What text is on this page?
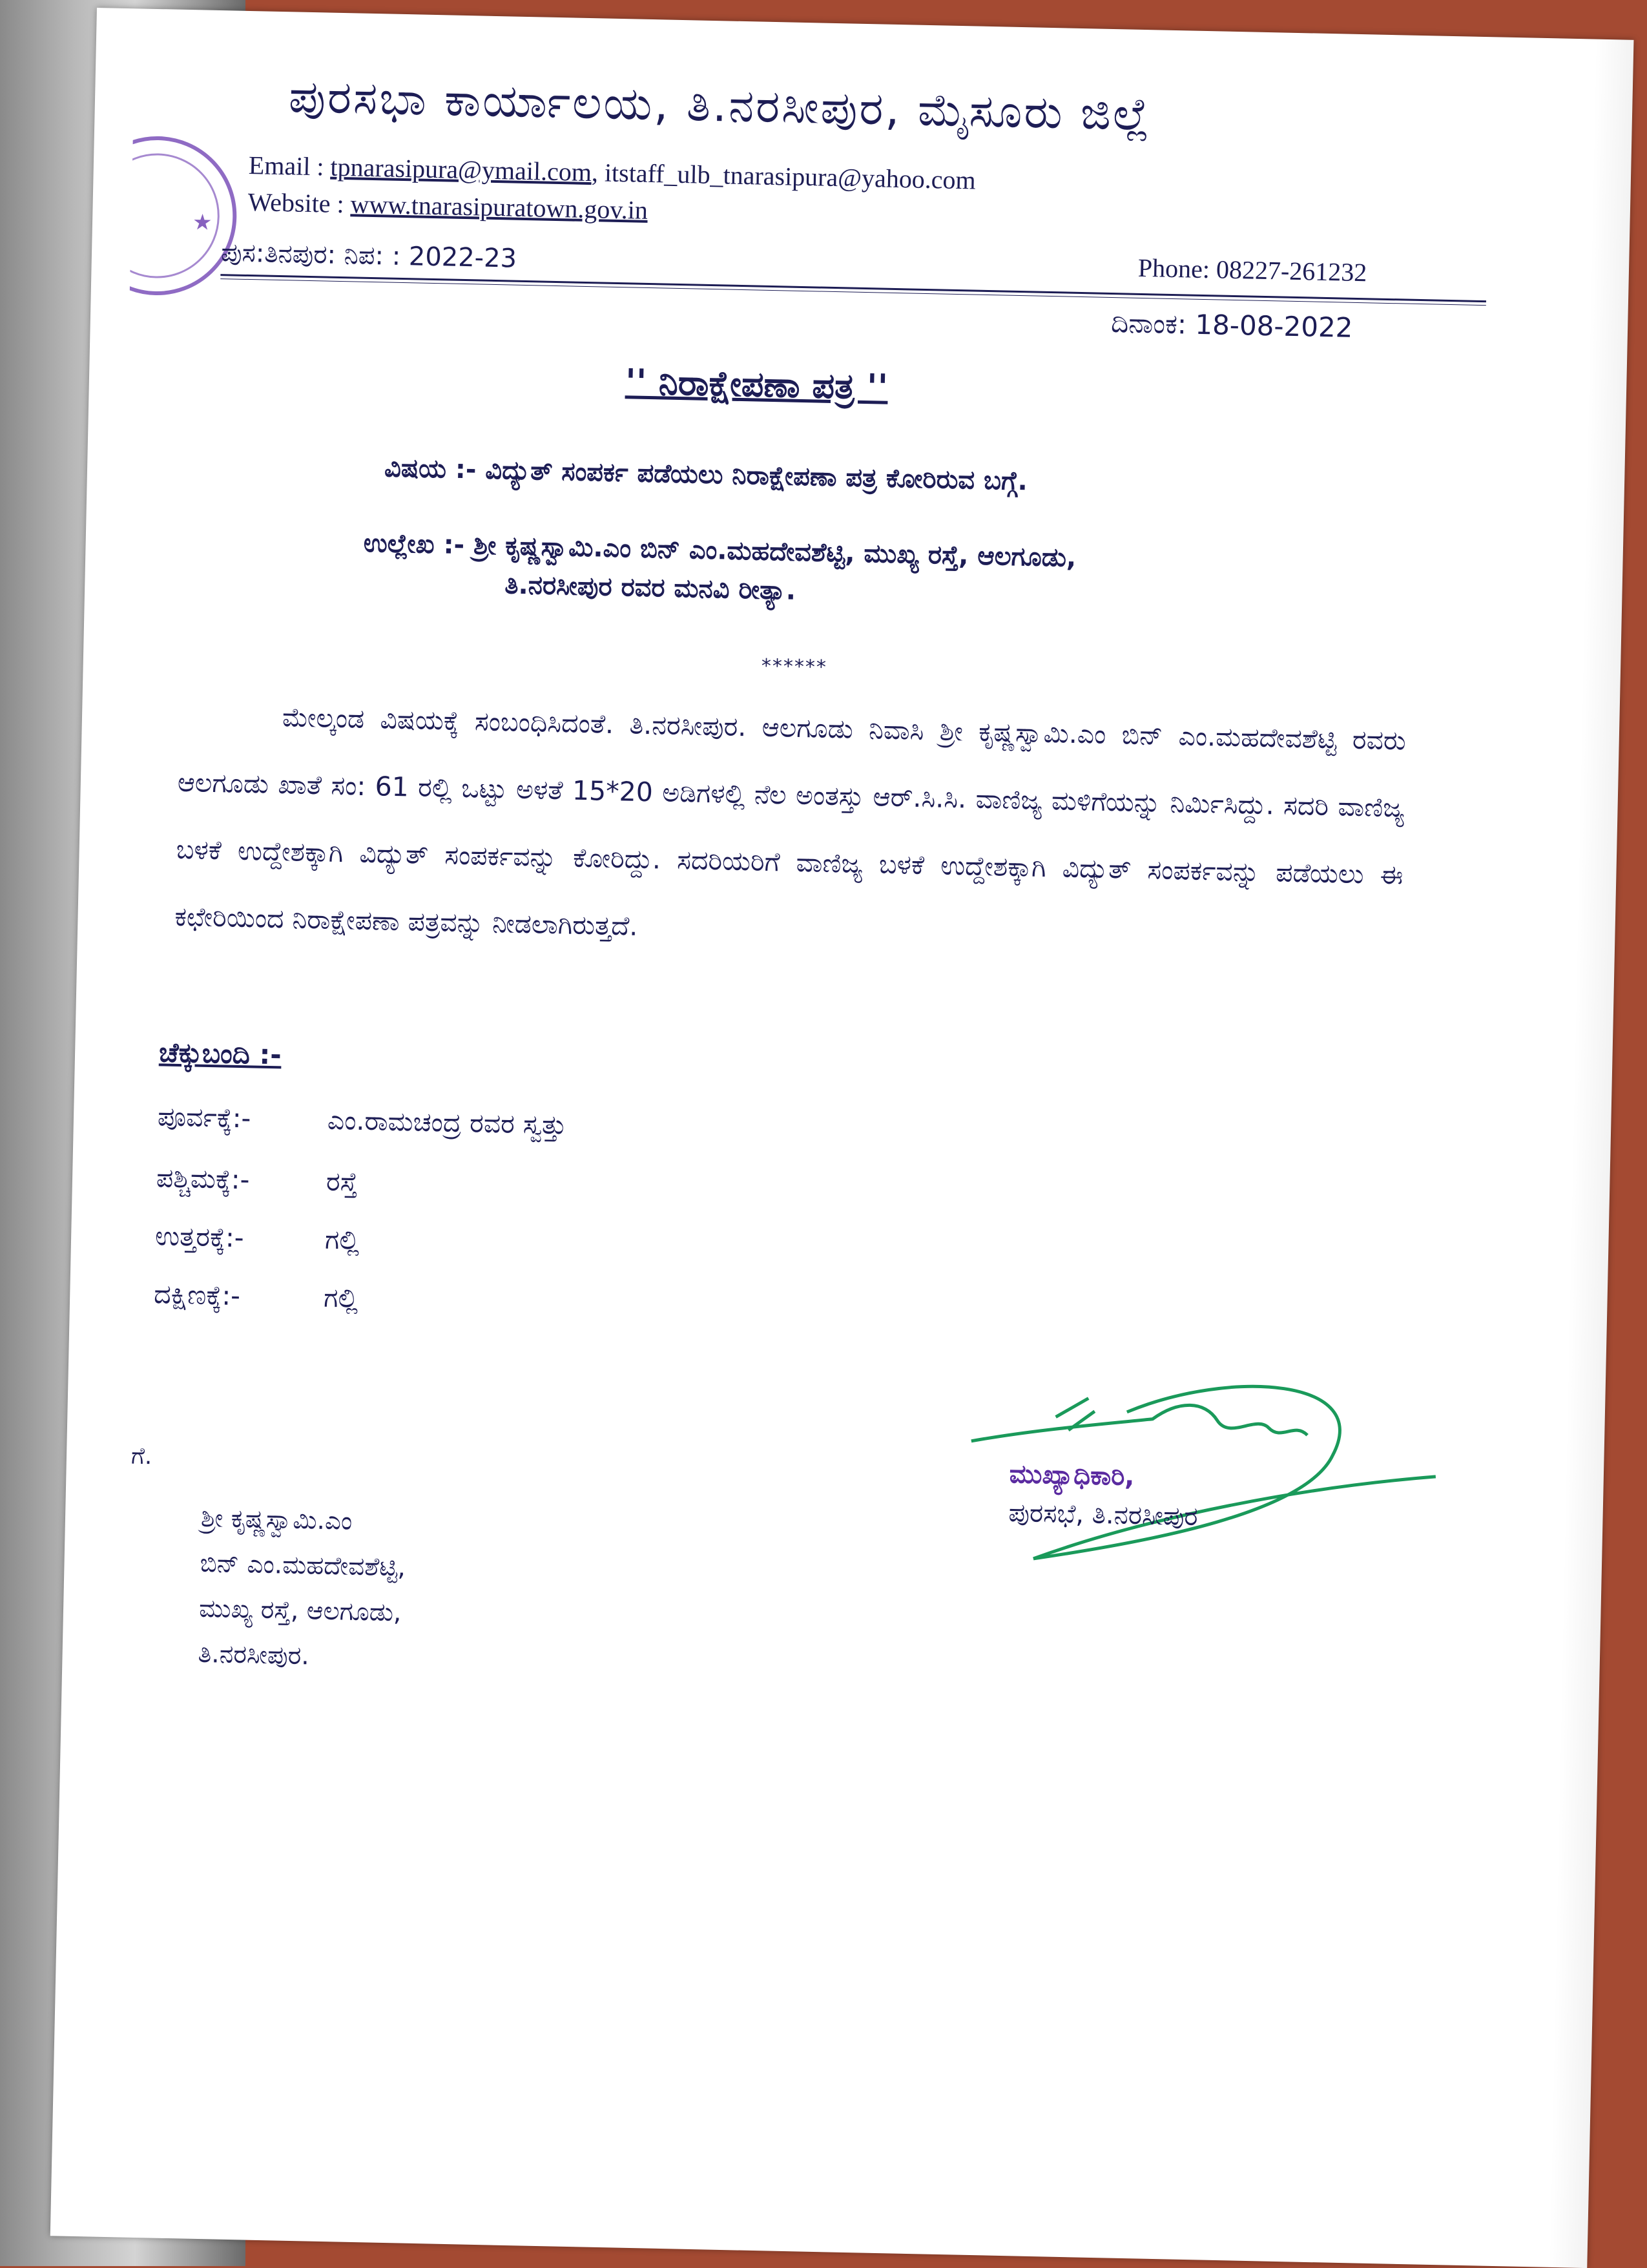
★
ಪುರಸಭಾ ಕಾರ್ಯಾಲಯ, ತಿ.ನರಸೀಪುರ, ಮೈಸೂರು ಜಿಲ್ಲೆ
Email : tpnarasipura@ymail.com, itstaff_ulb_tnarasipura@yahoo.com
Website : www.tnarasipuratown.gov.in
ಪುಸ:ತಿನಪುರ: ನಿಪ: : 2022-23	Phone: 08227-261232
ದಿನಾಂಕ: 18-08-2022
'' ನಿರಾಕ್ಷೇಪಣಾ ಪತ್ರ ''
ವಿಷಯ :- ವಿದ್ಯುತ್ ಸಂಪರ್ಕ ಪಡೆಯಲು ನಿರಾಕ್ಷೇಪಣಾ ಪತ್ರ ಕೋರಿರುವ ಬಗ್ಗೆ.
ಉಲ್ಲೇಖ :- ಶ್ರೀ ಕೃಷ್ಣಸ್ವಾಮಿ.ಎಂ ಬಿನ್ ಎಂ.ಮಹದೇವಶೆಟ್ಟಿ, ಮುಖ್ಯ ರಸ್ತೆ, ಆಲಗೂಡು,
ತಿ.ನರಸೀಪುರ ರವರ ಮನವಿ ರೀತ್ಯಾ.
******

ಮೇಲ್ಕಂಡ ವಿಷಯಕ್ಕೆ ಸಂಬಂಧಿಸಿದಂತೆ. ತಿ.ನರಸೀಪುರ. ಆಲಗೂಡು ನಿವಾಸಿ ಶ್ರೀ ಕೃಷ್ಣಸ್ವಾಮಿ.ಎಂ ಬಿನ್ ಎಂ.ಮಹದೇವಶೆಟ್ಟಿ ರವರು ಆಲಗೂಡು ಖಾತೆ ಸಂ: 61 ರಲ್ಲಿ ಒಟ್ಟು ಅಳತೆ 15*20 ಅಡಿಗಳಲ್ಲಿ ನೆಲ ಅಂತಸ್ತು ಆರ್.ಸಿ.ಸಿ. ವಾಣಿಜ್ಯ ಮಳಿಗೆಯನ್ನು ನಿರ್ಮಿಸಿದ್ದು. ಸದರಿ ವಾಣಿಜ್ಯ ಬಳಕೆ ಉದ್ದೇಶಕ್ಕಾಗಿ ವಿದ್ಯುತ್ ಸಂಪರ್ಕವನ್ನು ಕೋರಿದ್ದು. ಸದರಿಯರಿಗೆ ವಾಣಿಜ್ಯ ಬಳಕೆ ಉದ್ದೇಶಕ್ಕಾಗಿ ವಿದ್ಯುತ್ ಸಂಪರ್ಕವನ್ನು ಪಡೆಯಲು ಈ ಕಛೇರಿಯಿಂದ ನಿರಾಕ್ಷೇಪಣಾ ಪತ್ರವನ್ನು ನೀಡಲಾಗಿರುತ್ತದೆ.

ಚೆಕ್ಕುಬಂದಿ :-
ಪೂರ್ವಕ್ಕೆ:-	ಎಂ.ರಾಮಚಂದ್ರ ರವರ ಸ್ವತ್ತು
ಪಶ್ಚಿಮಕ್ಕೆ:-	ರಸ್ತೆ
ಉತ್ತರಕ್ಕೆ:-	ಗಲ್ಲಿ
ದಕ್ಷಿಣಕ್ಕೆ:-	ಗಲ್ಲಿ
ಮುಖ್ಯಾಧಿಕಾರಿ,
ಪುರಸಭೆ, ತಿ.ನರಸೀಪುರ
ಗೆ.
ಶ್ರೀ ಕೃಷ್ಣಸ್ವಾಮಿ.ಎಂ
ಬಿನ್ ಎಂ.ಮಹದೇವಶೆಟ್ಟಿ,
ಮುಖ್ಯ ರಸ್ತೆ, ಆಲಗೂಡು,
ತಿ.ನರಸೀಪುರ.
